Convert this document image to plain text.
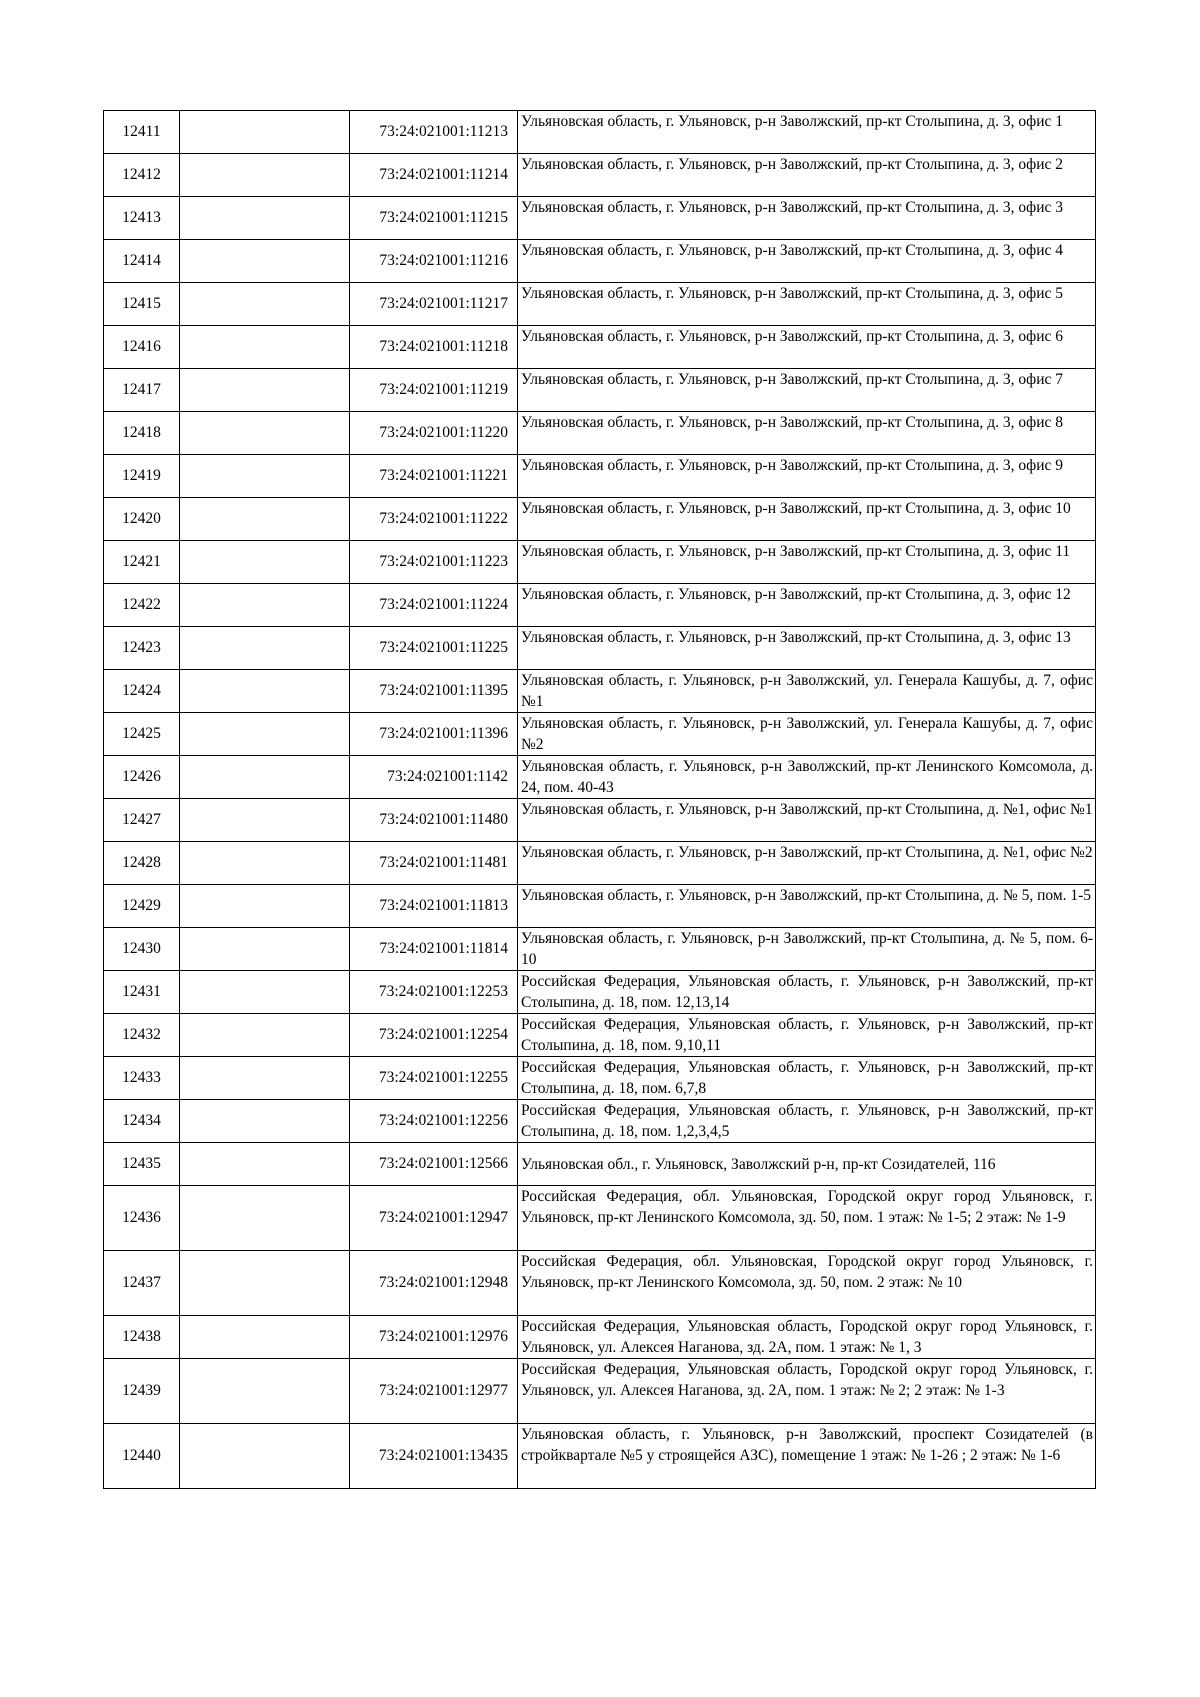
12411		73:24:021001:11213	Ульяновская область, г. Ульяновск, р-н Заволжский, пр-кт Столыпина, д. 3, офис 1
12412		73:24:021001:11214	Ульяновская область, г. Ульяновск, р-н Заволжский, пр-кт Столыпина, д. 3, офис 2
12413		73:24:021001:11215	Ульяновская область, г. Ульяновск, р-н Заволжский, пр-кт Столыпина, д. 3, офис 3
12414		73:24:021001:11216	Ульяновская область, г. Ульяновск, р-н Заволжский, пр-кт Столыпина, д. 3, офис 4
12415		73:24:021001:11217	Ульяновская область, г. Ульяновск, р-н Заволжский, пр-кт Столыпина, д. 3, офис 5
12416		73:24:021001:11218	Ульяновская область, г. Ульяновск, р-н Заволжский, пр-кт Столыпина, д. 3, офис 6
12417		73:24:021001:11219	Ульяновская область, г. Ульяновск, р-н Заволжский, пр-кт Столыпина, д. 3, офис 7
12418		73:24:021001:11220	Ульяновская область, г. Ульяновск, р-н Заволжский, пр-кт Столыпина, д. 3, офис 8
12419		73:24:021001:11221	Ульяновская область, г. Ульяновск, р-н Заволжский, пр-кт Столыпина, д. 3, офис 9
12420		73:24:021001:11222	Ульяновская область, г. Ульяновск, р-н Заволжский, пр-кт Столыпина, д. 3, офис 10
12421		73:24:021001:11223	Ульяновская область, г. Ульяновск, р-н Заволжский, пр-кт Столыпина, д. 3, офис 11
12422		73:24:021001:11224	Ульяновская область, г. Ульяновск, р-н Заволжский, пр-кт Столыпина, д. 3, офис 12
12423		73:24:021001:11225	Ульяновская область, г. Ульяновск, р-н Заволжский, пр-кт Столыпина, д. 3, офис 13
12424		73:24:021001:11395	Ульяновская область, г. Ульяновск, р-н Заволжский, ул. Генерала Кашубы, д. 7, офис №1
12425		73:24:021001:11396	Ульяновская область, г. Ульяновск, р-н Заволжский, ул. Генерала Кашубы, д. 7, офис №2
12426		73:24:021001:1142	Ульяновская область, г. Ульяновск, р-н Заволжский, пр-кт Ленинского Комсомола, д. 24, пом. 40-43
12427		73:24:021001:11480	Ульяновская область, г. Ульяновск, р-н Заволжский, пр-кт Столыпина, д. №1, офис №1
12428		73:24:021001:11481	Ульяновская область, г. Ульяновск, р-н Заволжский, пр-кт Столыпина, д. №1, офис №2
12429		73:24:021001:11813	Ульяновская область, г. Ульяновск, р-н Заволжский, пр-кт Столыпина, д. № 5, пом. 1-5
12430		73:24:021001:11814	Ульяновская область, г. Ульяновск, р-н Заволжский, пр-кт Столыпина, д. № 5, пом. 6-10
12431		73:24:021001:12253	Российская Федерация, Ульяновская область, г. Ульяновск, р-н Заволжский, пр-кт Столыпина, д. 18, пом. 12,13,14
12432		73:24:021001:12254	Российская Федерация, Ульяновская область, г. Ульяновск, р-н Заволжский, пр-кт Столыпина, д. 18, пом. 9,10,11
12433		73:24:021001:12255	Российская Федерация, Ульяновская область, г. Ульяновск, р-н Заволжский, пр-кт Столыпина, д. 18, пом. 6,7,8
12434		73:24:021001:12256	Российская Федерация, Ульяновская область, г. Ульяновск, р-н Заволжский, пр-кт Столыпина, д. 18, пом. 1,2,3,4,5
12435		73:24:021001:12566	Ульяновская обл., г. Ульяновск, Заволжский р-н, пр-кт Созидателей, 116
12436		73:24:021001:12947	Российская Федерация, обл. Ульяновская, Городской округ город Ульяновск, г. Ульяновск, пр-кт Ленинского Комсомола, зд. 50, пом. 1 этаж: № 1-5; 2 этаж: № 1-9
12437		73:24:021001:12948	Российская Федерация, обл. Ульяновская, Городской округ город Ульяновск, г. Ульяновск, пр-кт Ленинского Комсомола, зд. 50, пом. 2 этаж: № 10
12438		73:24:021001:12976	Российская Федерация, Ульяновская область, Городской округ город Ульяновск, г. Ульяновск, ул. Алексея Наганова, зд. 2А, пом. 1 этаж: № 1, 3
12439		73:24:021001:12977	Российская Федерация, Ульяновская область, Городской округ город Ульяновск, г. Ульяновск, ул. Алексея Наганова, зд. 2А, пом. 1 этаж: № 2; 2 этаж: № 1-3
12440		73:24:021001:13435	Ульяновская область, г. Ульяновск, р-н Заволжский, проспект Созидателей (в стройквартале №5 у строящейся АЗС), помещение 1 этаж: № 1-26 ; 2 этаж: № 1-6
